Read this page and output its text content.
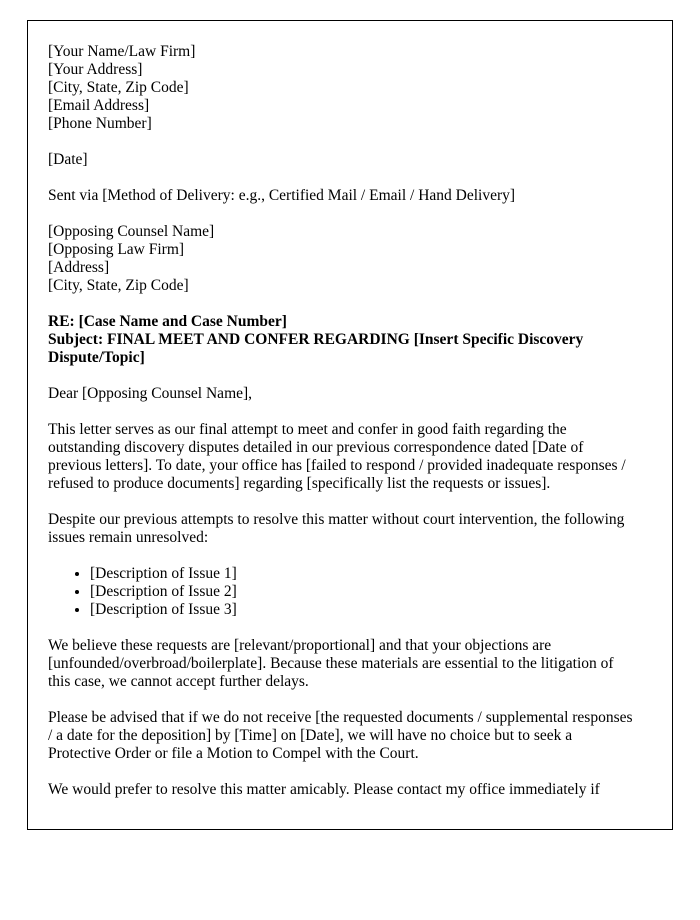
[Your Name/Law Firm]
[Your Address]
[City, State, Zip Code]
[Email Address]
[Phone Number]
[Date]
Sent via [Method of Delivery: e.g., Certified Mail / Email / Hand Delivery]
[Opposing Counsel Name]
[Opposing Law Firm]
[Address]
[City, State, Zip Code]
RE: [Case Name and Case Number]
Subject: FINAL MEET AND CONFER REGARDING [Insert Specific Discovery Dispute/Topic]
Dear [Opposing Counsel Name],

This letter serves as our final attempt to meet and confer in good faith regarding the outstanding discovery disputes detailed in our previous correspondence dated [Date of previous letters]. To date, your office has [failed to respond / provided inadequate responses / refused to produce documents] regarding [specifically list the requests or issues].

Despite our previous attempts to resolve this matter without court intervention, the following issues remain unresolved:

• [Description of Issue 1]
• [Description of Issue 2]
• [Description of Issue 3]

We believe these requests are [relevant/proportional] and that your objections are [unfounded/overbroad/boilerplate]. Because these materials are essential to the litigation of this case, we cannot accept further delays.

Please be advised that if we do not receive [the requested documents / supplemental responses / a date for the deposition] by [Time] on [Date], we will have no choice but to seek a Protective Order or file a Motion to Compel with the Court.

We would prefer to resolve this matter amicably. Please contact my office immediately if
